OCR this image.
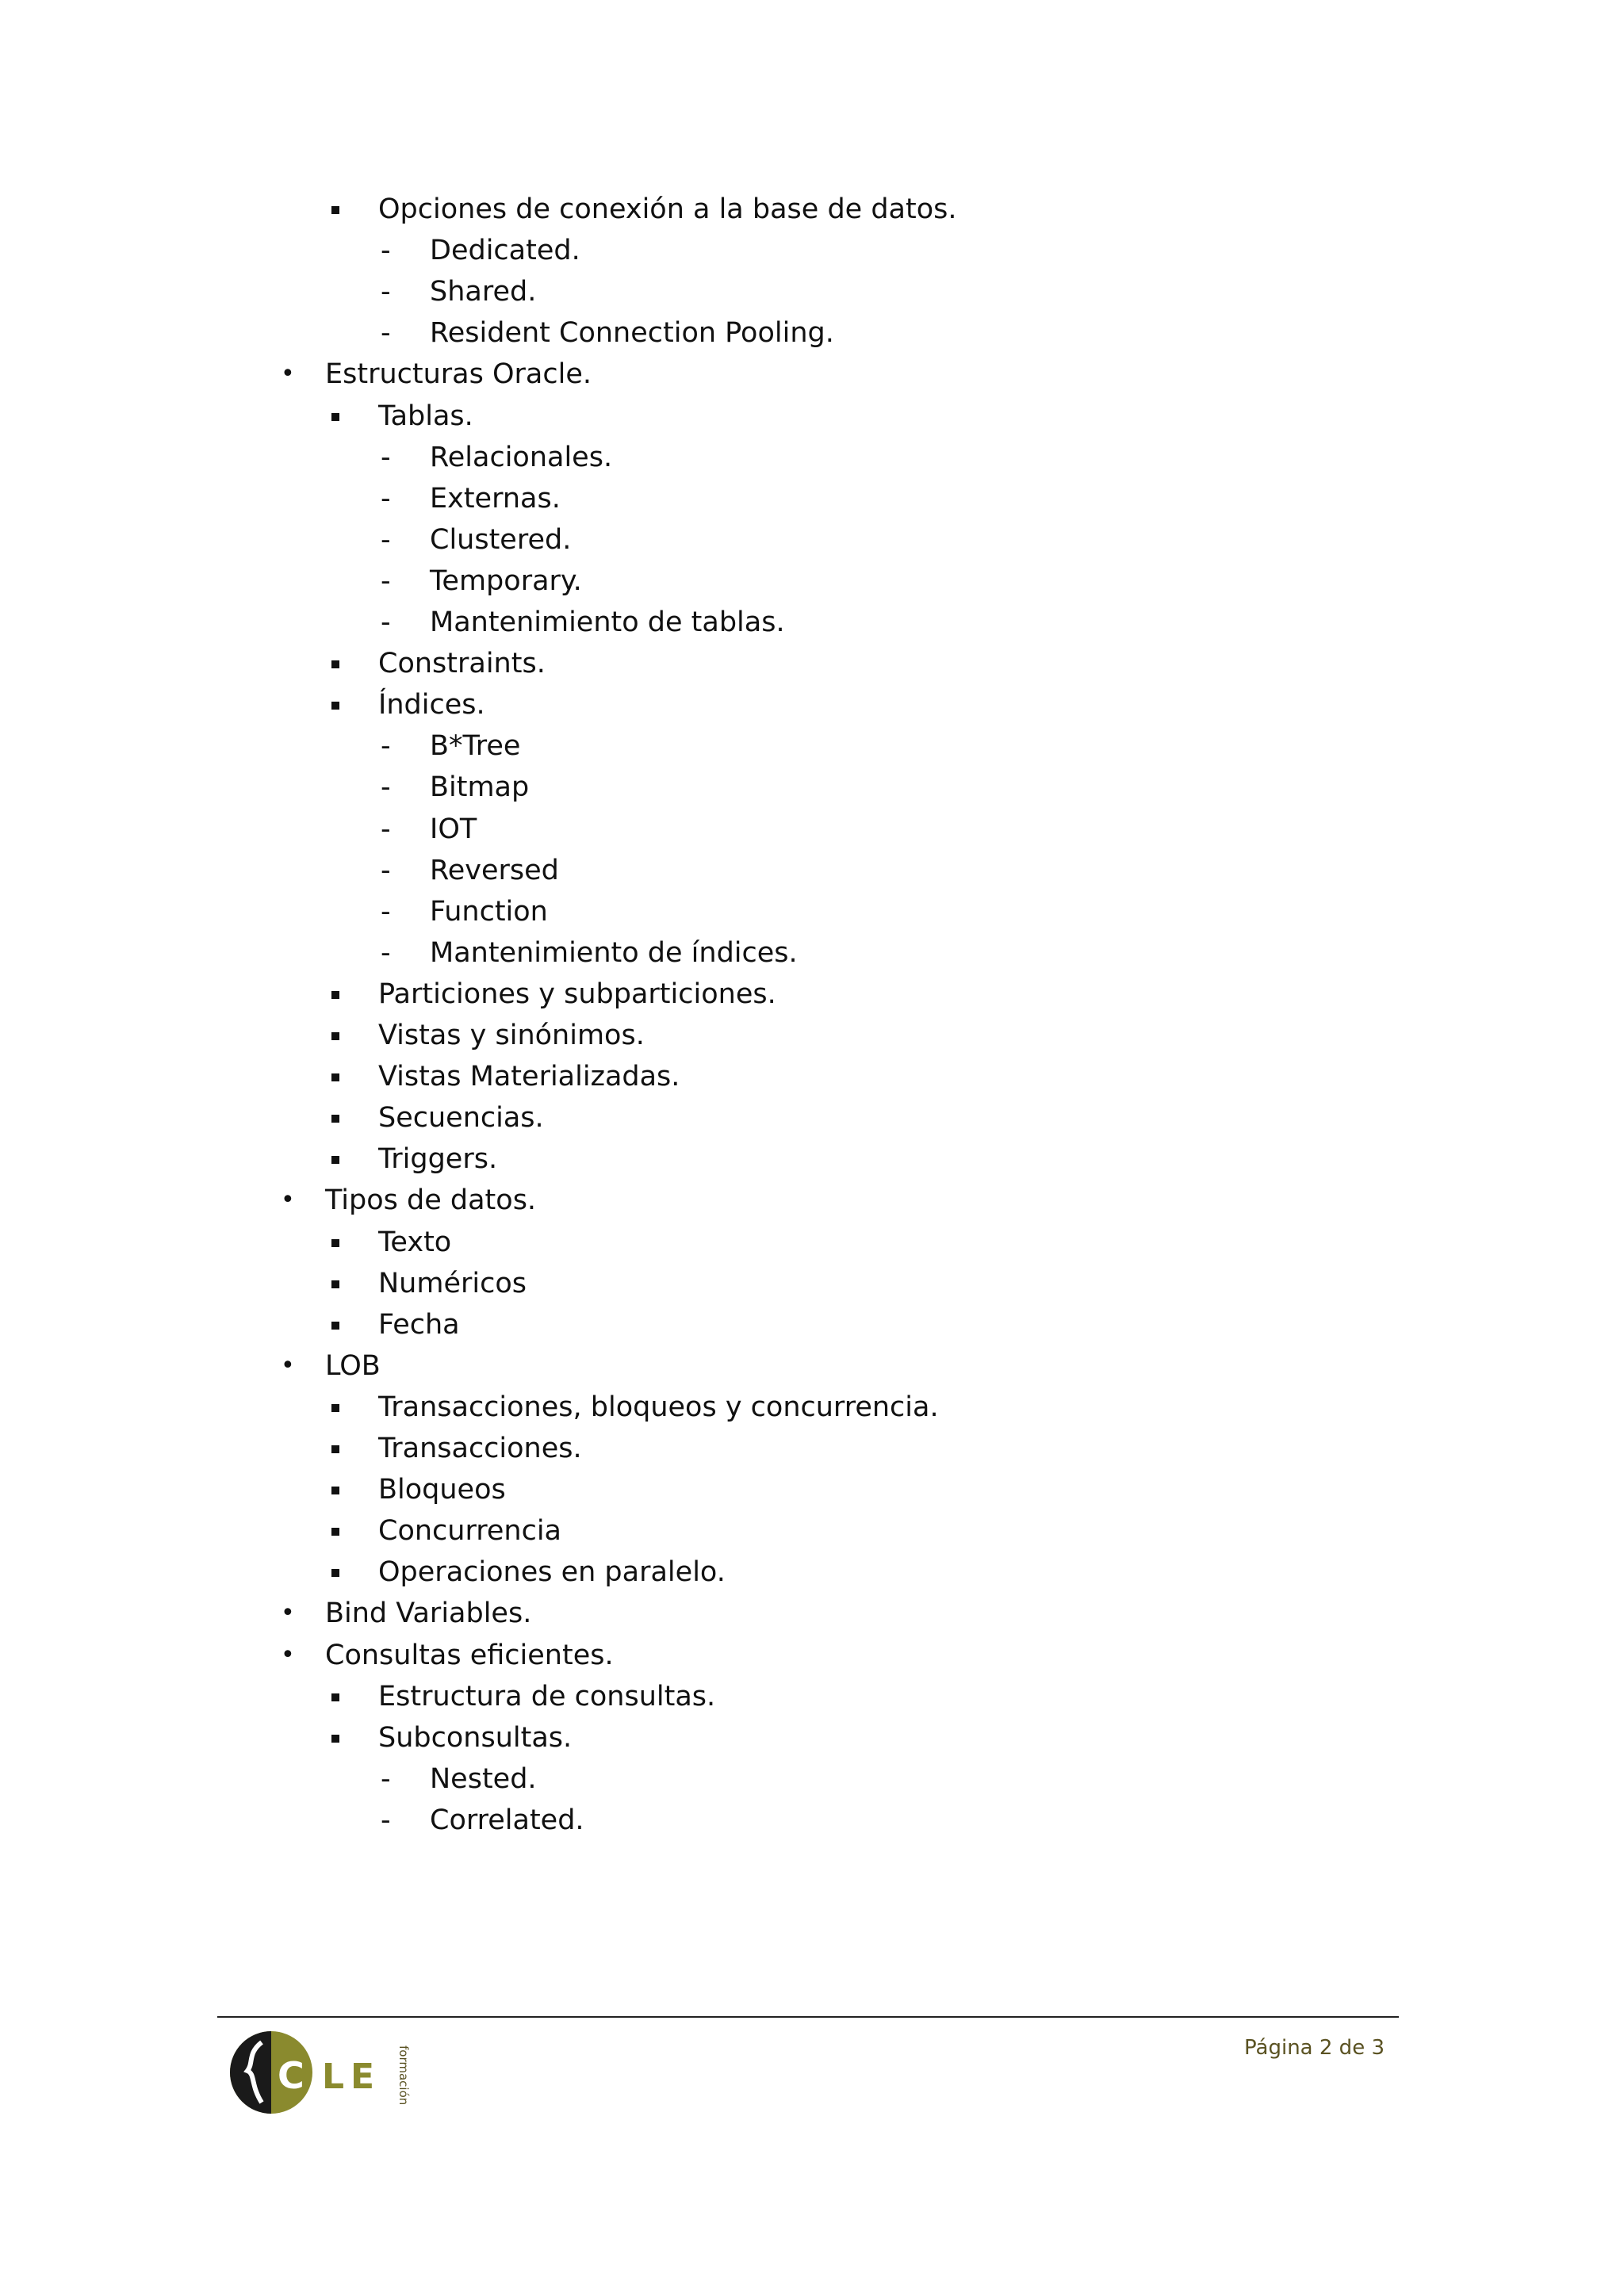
Opciones de conexión a la base de datos.
-	Dedicated.
-	Shared.
-	Resident Connection Pooling.
•	Estructuras Oracle.
Tablas.
-	Relacionales.
-	Externas.
-	Clustered.
-	Temporary.
-	Mantenimiento de tablas.
Constraints.
Índices.
-	B*Tree
-	Bitmap
-	IOT
-	Reversed
-	Function
-	Mantenimiento de índices.
Particiones y subparticiones.
Vistas y sinónimos.
Vistas Materializadas.
Secuencias.
Triggers.
•	Tipos de datos.
Texto
Numéricos
Fecha
•	LOB
Transacciones, bloqueos y concurrencia.
Transacciones.
Bloqueos
Concurrencia
Operaciones en paralelo.
•	Bind Variables.
•	Consultas eficientes.
Estructura de consultas.
Subconsultas.
-	Nested.
-	Correlated.
C LE formación	Página 2 de 3
